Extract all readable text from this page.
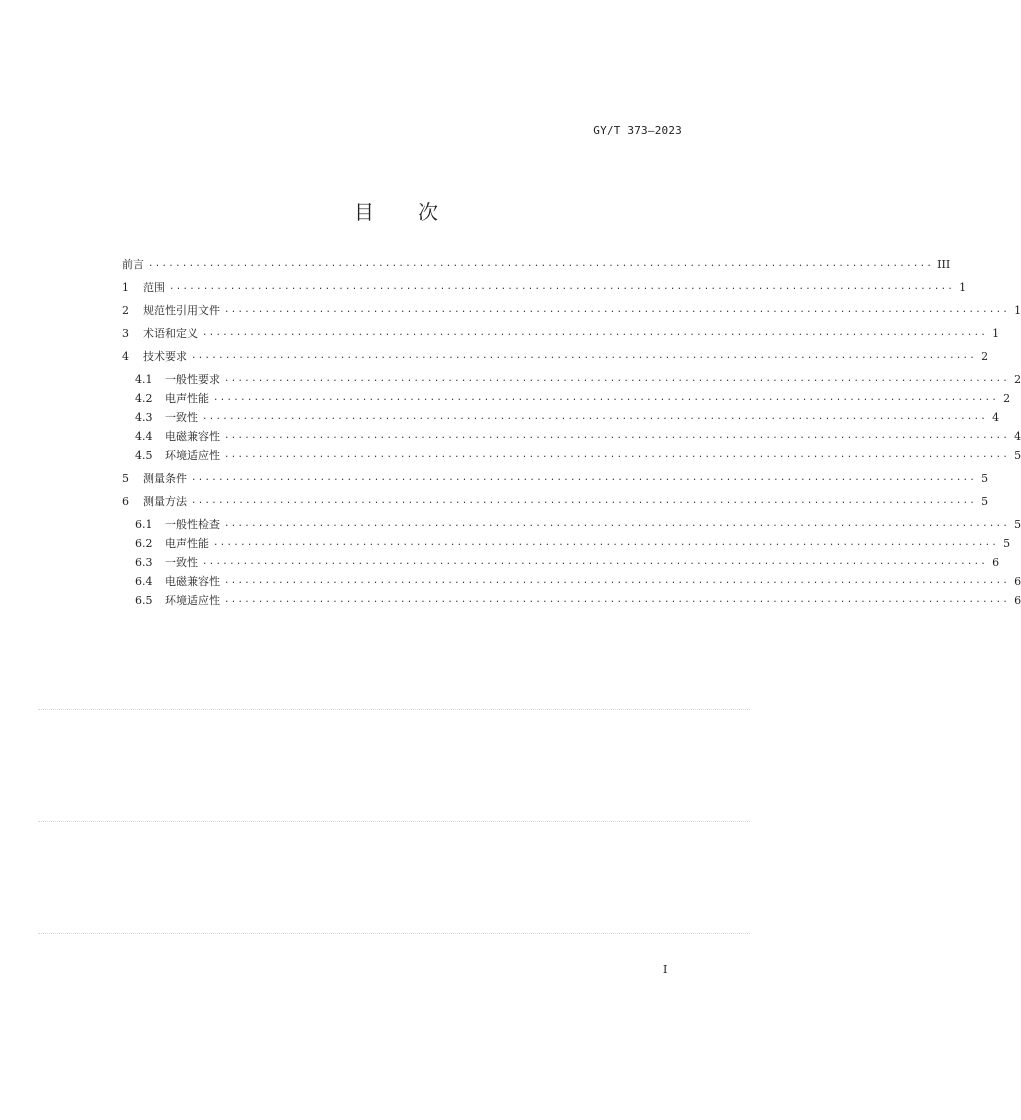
GY/T 373—2023
目 次
前言 .................................................................................................................... III
1	范围 .................................................................................................................... 1
2	规范性引用文件 .................................................................................................................... 1
3	术语和定义 .................................................................................................................... 1
4	技术要求 .................................................................................................................... 2
4.1	一般性要求 .................................................................................................................... 2
4.2	电声性能 .................................................................................................................... 2
4.3	一致性 .................................................................................................................... 4
4.4	电磁兼容性 .................................................................................................................... 4
4.5	环境适应性 .................................................................................................................... 5
5	测量条件 .................................................................................................................... 5
6	测量方法 .................................................................................................................... 5
6.1	一般性检查 .................................................................................................................... 5
6.2	电声性能 .................................................................................................................... 5
6.3	一致性 .................................................................................................................... 6
6.4	电磁兼容性 .................................................................................................................... 6
6.5	环境适应性 .................................................................................................................... 6
I
